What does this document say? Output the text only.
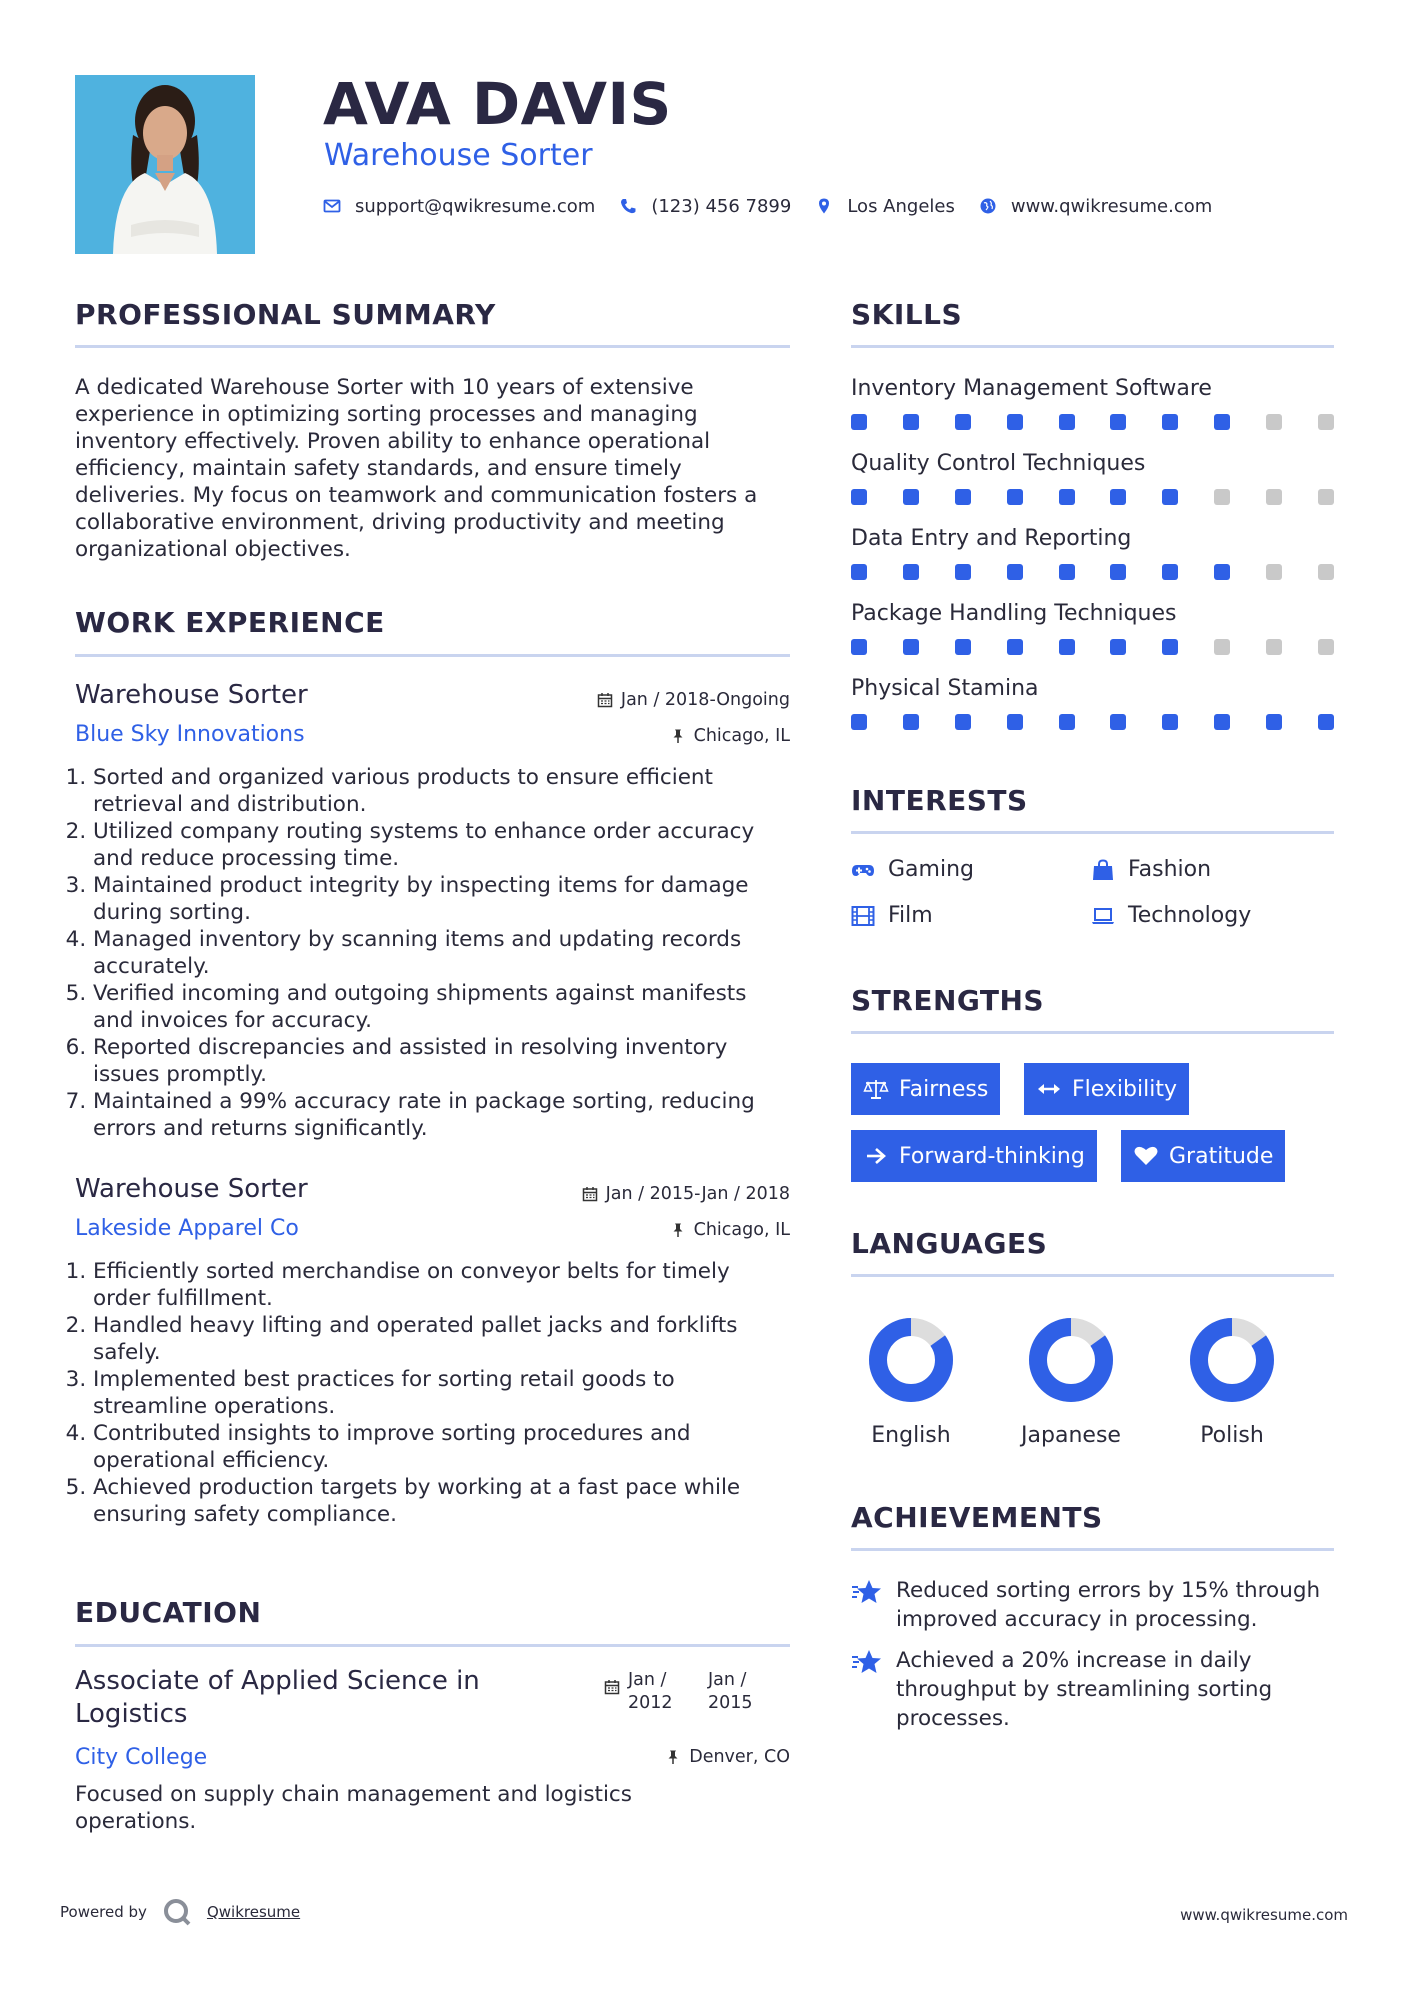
AVA DAVIS
Warehouse Sorter
support@qwikresume.com	(123) 456 7899	Los Angeles	www.qwikresume.com
PROFESSIONAL SUMMARY
A dedicated Warehouse Sorter with 10 years of extensive
experience in optimizing sorting processes and managing
inventory effectively. Proven ability to enhance operational
efficiency, maintain safety standards, and ensure timely
deliveries. My focus on teamwork and communication fosters a
collaborative environment, driving productivity and meeting
organizational objectives.
WORK EXPERIENCE
Warehouse Sorter
Blue Sky Innovations
Jan / 2018-Ongoing
Chicago, IL
1. Sorted and organized various products to ensure efficient
retrieval and distribution.
2. Utilized company routing systems to enhance order accuracy
and reduce processing time.
3. Maintained product integrity by inspecting items for damage
during sorting.
4. Managed inventory by scanning items and updating records
accurately.
5. Verified incoming and outgoing shipments against manifests
and invoices for accuracy.
6. Reported discrepancies and assisted in resolving inventory
issues promptly.
7. Maintained a 99% accuracy rate in package sorting, reducing
errors and returns significantly.
Warehouse Sorter
Lakeside Apparel Co
Jan / 2015-Jan / 2018
Chicago, IL
1. Efficiently sorted merchandise on conveyor belts for timely
order fulfillment.
2. Handled heavy lifting and operated pallet jacks and forklifts
safely.
3. Implemented best practices for sorting retail goods to
streamline operations.
4. Contributed insights to improve sorting procedures and
operational efficiency.
5. Achieved production targets by working at a fast pace while
ensuring safety compliance.
EDUCATION
Associate of Applied Science in
Logistics
Jan /
2012
Jan /
2015
City College	Denver, CO
Focused on supply chain management and logistics
operations.
SKILLS
Inventory Management Software
Quality Control Techniques
Data Entry and Reporting
Package Handling Techniques
Physical Stamina
INTERESTS
Gaming	Fashion
Film	Technology
STRENGTHS
Fairness	Flexibility
Forward-thinking	Gratitude
LANGUAGES
English	Japanese	Polish
ACHIEVEMENTS
Reduced sorting errors by 15% through
improved accuracy in processing.
Achieved a 20% increase in daily
throughput by streamlining sorting
processes.
Powered by	Qwikresume	www.qwikresume.com
